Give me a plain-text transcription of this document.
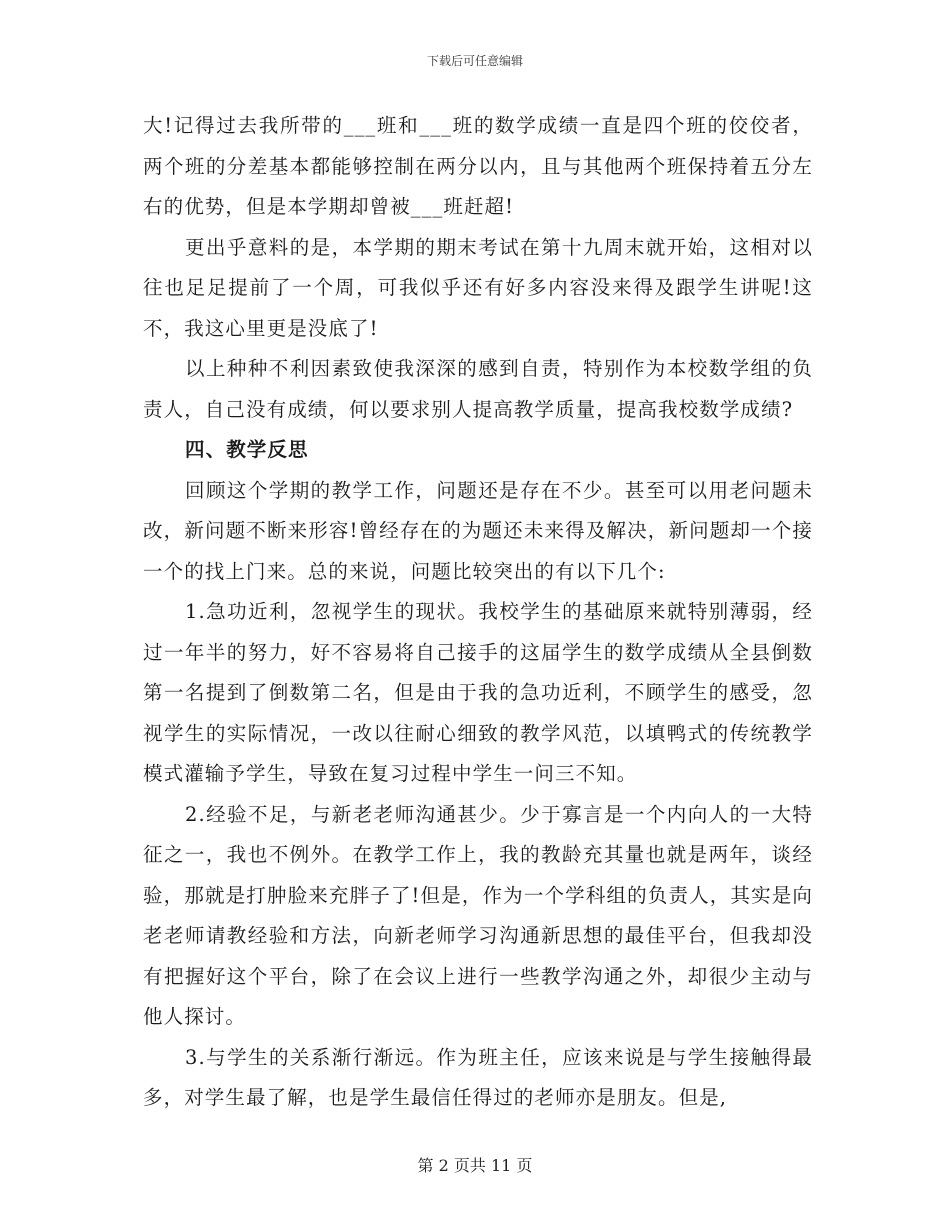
下载后可任意编辑

大!记得过去我所带的___班和___班的数学成绩一直是四个班的佼佼者，两个班的分差基本都能够控制在两分以内，且与其他两个班保持着五分左右的优势，但是本学期却曾被___班赶超!

更出乎意料的是，本学期的期末考试在第十九周末就开始，这相对以往也足足提前了一个周，可我似乎还有好多内容没来得及跟学生讲呢!这不，我这心里更是没底了!

以上种种不利因素致使我深深的感到自责，特别作为本校数学组的负责人，自己没有成绩，何以要求别人提高教学质量，提高我校数学成绩?

四、教学反思

回顾这个学期的教学工作，问题还是存在不少。甚至可以用老问题未改，新问题不断来形容!曾经存在的为题还未来得及解决，新问题却一个接一个的找上门来。总的来说，问题比较突出的有以下几个:

1.急功近利，忽视学生的现状。我校学生的基础原来就特别薄弱，经过一年半的努力，好不容易将自己接手的这届学生的数学成绩从全县倒数第一名提到了倒数第二名，但是由于我的急功近利，不顾学生的感受，忽视学生的实际情况，一改以往耐心细致的教学风范，以填鸭式的传统教学模式灌输予学生，导致在复习过程中学生一问三不知。

2.经验不足，与新老老师沟通甚少。少于寡言是一个内向人的一大特征之一，我也不例外。在教学工作上，我的教龄充其量也就是两年，谈经验，那就是打肿脸来充胖子了!但是，作为一个学科组的负责人，其实是向老老师请教经验和方法，向新老师学习沟通新思想的最佳平台，但我却没有把握好这个平台，除了在会议上进行一些教学沟通之外，却很少主动与他人探讨。

3.与学生的关系渐行渐远。作为班主任，应该来说是与学生接触得最多，对学生最了解，也是学生最信任得过的老师亦是朋友。但是,

第 2 页共 11 页
